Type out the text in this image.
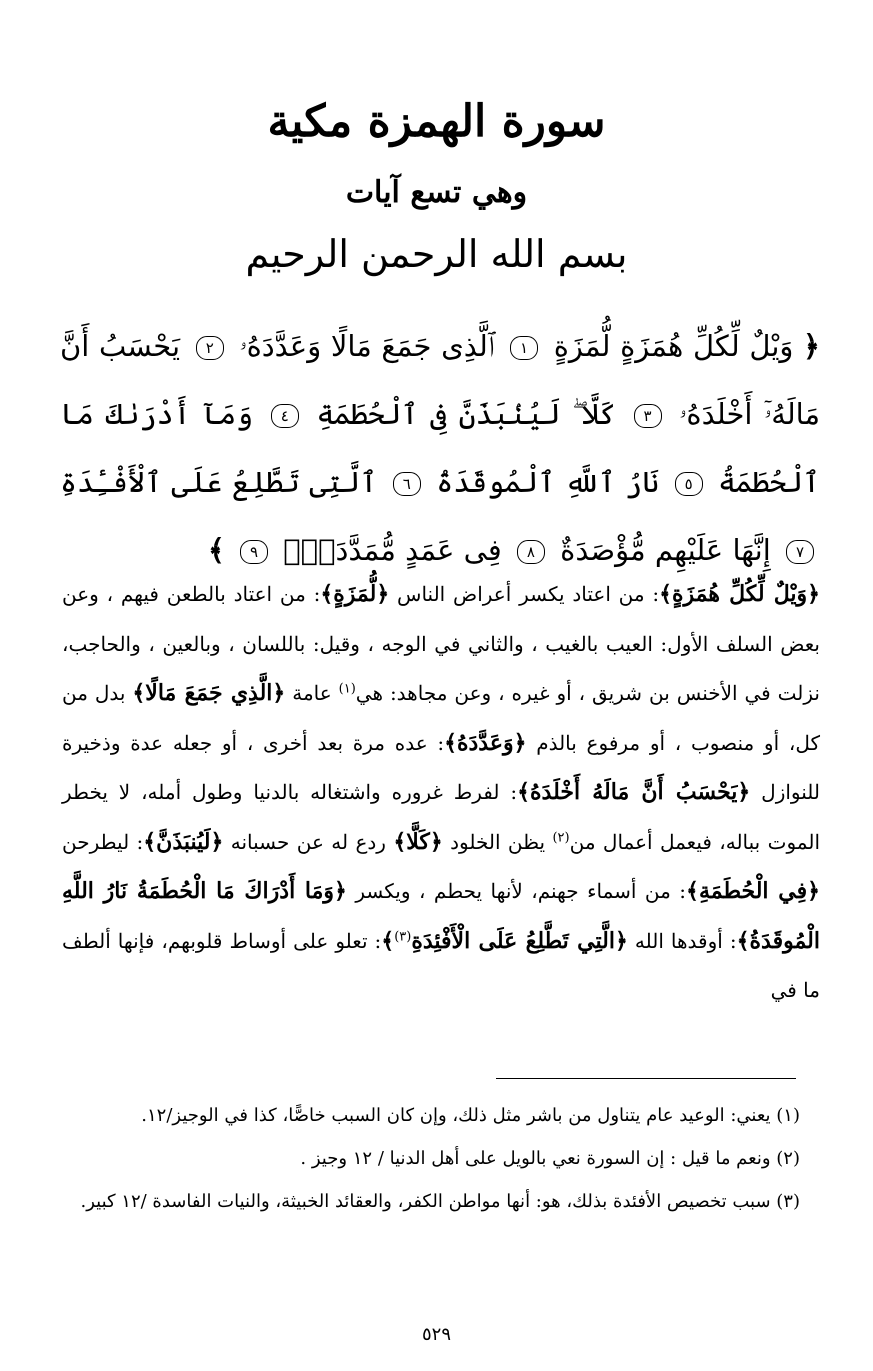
سورة الهمزة مكية
وهي تسع آيات
بسم الله الرحمن الرحيم
﴿ وَيْلٌ لِّكُلِّ هُمَزَةٍ لُّمَزَةٍ ١ ٱلَّذِى جَمَعَ مَالًا وَعَدَّدَهُۥ ٢ يَحْسَبُ أَنَّ مَالَهُۥٓ أَخْلَدَهُۥ ٣ كَلَّا ۖ لَيُنۢبَذَنَّ فِى ٱلْحُطَمَةِ ٤ وَمَآ أَدْرَىٰكَ مَا ٱلْحُطَمَةُ ٥ نَارُ ٱللَّهِ ٱلْمُوقَدَةُ ٦ ٱلَّتِى تَطَّلِعُ عَلَى ٱلْأَفْـِٔدَةِ ٧ إِنَّهَا عَلَيْهِم مُّؤْصَدَةٌ ٨ فِى عَمَدٍ مُّمَدَّدَةٍۭ ٩ ﴾
﴿وَيْلٌ لِّكُلِّ هُمَزَةٍ﴾: من اعتاد يكسر أعراض الناس ﴿لُّمَزَةٍ﴾: من اعتاد بالطعن فيهم ، وعن بعض السلف الأول: العيب بالغيب ، والثاني في الوجه ، وقيل: باللسان ، وبالعين ، والحاجب، نزلت في الأخنس بن شريق ، أو غيره ، وعن مجاهد: هي$^{(١)}$ عامة ﴿الَّذِي جَمَعَ مَالًا﴾ بدل من كل، أو منصوب ، أو مرفوع بالذم ﴿وَعَدَّدَهُ﴾: عده مرة بعد أخرى ، أو جعله عدة وذخيرة للنوازل ﴿يَحْسَبُ أَنَّ مَالَهُ أَخْلَدَهُ﴾: لفرط غروره واشتغاله بالدنيا وطول أمله، لا يخطر الموت بباله، فيعمل أعمال من$^{(٢)}$ يظن الخلود ﴿كَلَّا﴾ ردع له عن حسبانه ﴿لَيُنبَذَنَّ﴾: ليطرحن ﴿فِي الْحُطَمَةِ﴾: من أسماء جهنم، لأنها يحطم ، ويكسر ﴿وَمَا أَدْرَاكَ مَا الْحُطَمَةُ نَارُ اللَّهِ الْمُوقَدَةُ﴾: أوقدها الله ﴿الَّتِي تَطَّلِعُ عَلَى الْأَفْئِدَةِ$^{(٣)}$﴾: تعلو على أوساط قلوبهم، فإنها ألطف ما في
(١) يعني: الوعيد عام يتناول من باشر مثل ذلك، وإن كان السبب خاصًّا، كذا في الوجيز/١٢.
(٢) ونعم ما قيل : إن السورة نعي بالويل على أهل الدنيا / ١٢ وجيز .
(٣) سبب تخصيص الأفئدة بذلك، هو: أنها مواطن الكفر، والعقائد الخبيثة، والنيات الفاسدة /١٢ كبير.
٥٢٩
